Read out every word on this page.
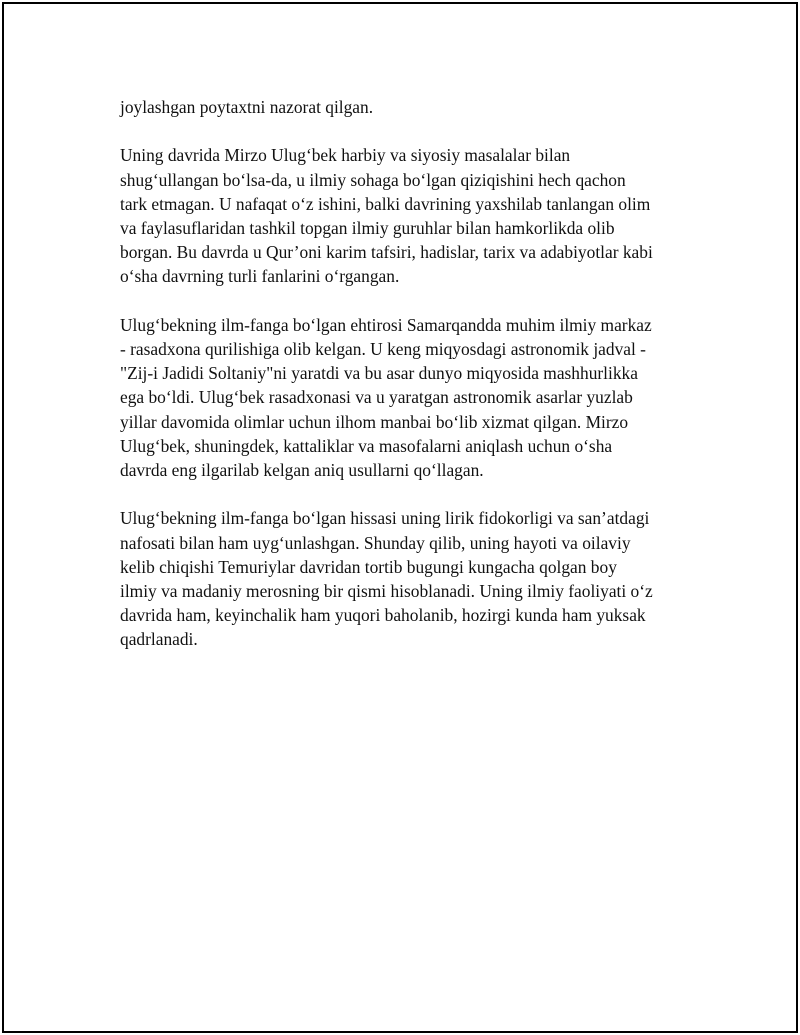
joylashgan poytaxtni nazorat qilgan.

Uning davrida Mirzo Ulug‘bek harbiy va siyosiy masalalar bilan
shug‘ullangan bo‘lsa-da, u ilmiy sohaga bo‘lgan qiziqishini hech qachon
tark etmagan. U nafaqat o‘z ishini, balki davrining yaxshilab tanlangan olim
va faylasuflaridan tashkil topgan ilmiy guruhlar bilan hamkorlikda olib
borgan. Bu davrda u Qur’oni karim tafsiri, hadislar, tarix va adabiyotlar kabi
o‘sha davrning turli fanlarini o‘rgangan.

Ulug‘bekning ilm-fanga bo‘lgan ehtirosi Samarqandda muhim ilmiy markaz
- rasadxona qurilishiga olib kelgan. U keng miqyosdagi astronomik jadval -
"Zij-i Jadidi Soltaniy"ni yaratdi va bu asar dunyo miqyosida mashhurlikka
ega bo‘ldi. Ulug‘bek rasadxonasi va u yaratgan astronomik asarlar yuzlab
yillar davomida olimlar uchun ilhom manbai bo‘lib xizmat qilgan. Mirzo
Ulug‘bek, shuningdek, kattaliklar va masofalarni aniqlash uchun o‘sha
davrda eng ilgarilab kelgan aniq usullarni qo‘llagan.

Ulug‘bekning ilm-fanga bo‘lgan hissasi uning lirik fidokorligi va san’atdagi
nafosati bilan ham uyg‘unlashgan. Shunday qilib, uning hayoti va oilaviy
kelib chiqishi Temuriylar davridan tortib bugungi kungacha qolgan boy
ilmiy va madaniy merosning bir qismi hisoblanadi. Uning ilmiy faoliyati o‘z
davrida ham, keyinchalik ham yuqori baholanib, hozirgi kunda ham yuksak
qadrlanadi.
